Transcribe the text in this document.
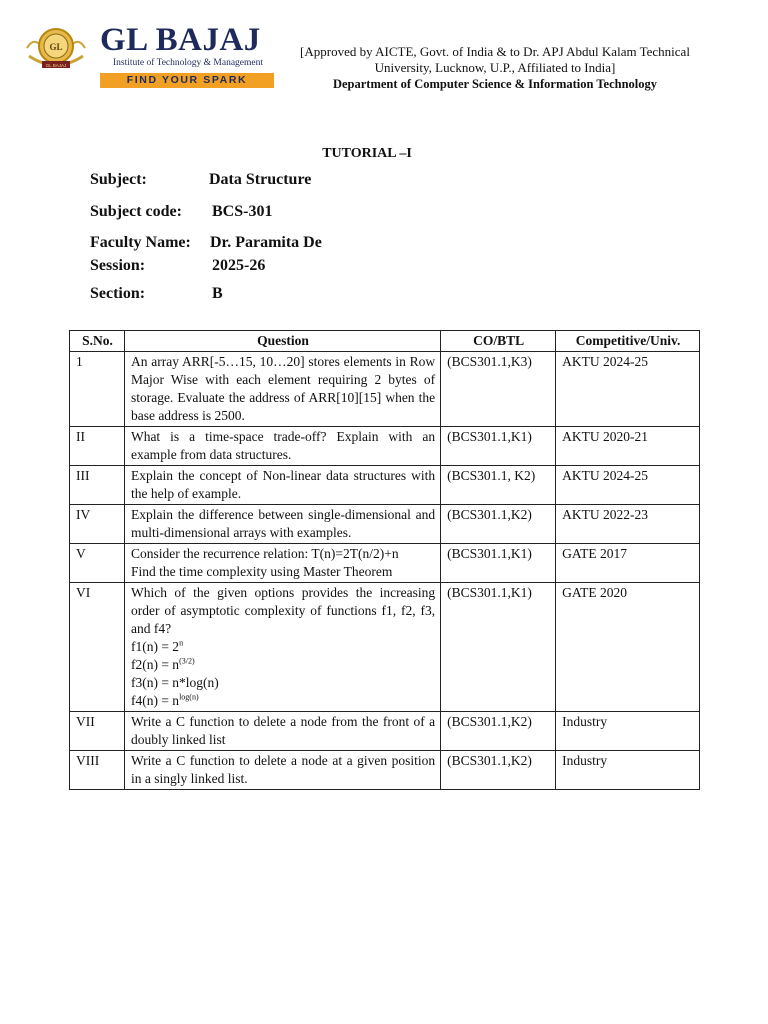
GL
GL BAJAJ
GL BAJAJ
Institute of Technology & Management
FIND YOUR SPARK
[Approved by AICTE, Govt. of India & to Dr. APJ Abdul Kalam Technical
University, Lucknow, U.P., Affiliated to India]
Department of Computer Science & Information Technology
TUTORIAL –I
Subject:	Data Structure
Subject code: BCS-301
Faculty Name: Dr. Paramita De
Session:	2025-26
Section:	B
S.No.	Question	CO/BTL	Competitive/Univ.
1	An array ARR[-5…15, 10…20] stores elements in Row Major Wise with each element requiring 2 bytes of storage. Evaluate the address of ARR[10][15] when the base address is 2500.	(BCS301.1,K3)	AKTU 2024-25
II	What is a time-space trade-off? Explain with an example from data structures.	(BCS301.1,K1)	AKTU 2020-21
III	Explain the concept of Non-linear data structures with the help of example.	(BCS301.1, K2)	AKTU 2024-25
IV	Explain the difference between single-dimensional and multi-dimensional arrays with examples.	(BCS301.1,K2)	AKTU 2022-23
V	Consider the recurrence relation: T(n)=2T(n/2)+n
Find the time complexity using Master Theorem	(BCS301.1,K1)	GATE 2017
VI	Which of the given options provides the increasing order of asymptotic complexity of functions f1, f2, f3, and f4?
$f1(n) = 2^n$
$f2(n) = n^{(3/2)}$
f3(n) = n*log(n)
$f4(n) = n^{log(n)}$	(BCS301.1,K1)	GATE 2020
VII	Write a C function to delete a node from the front of a doubly linked list	(BCS301.1,K2)	Industry
VIII	Write a C function to delete a node at a given position in a singly linked list.	(BCS301.1,K2)	Industry
